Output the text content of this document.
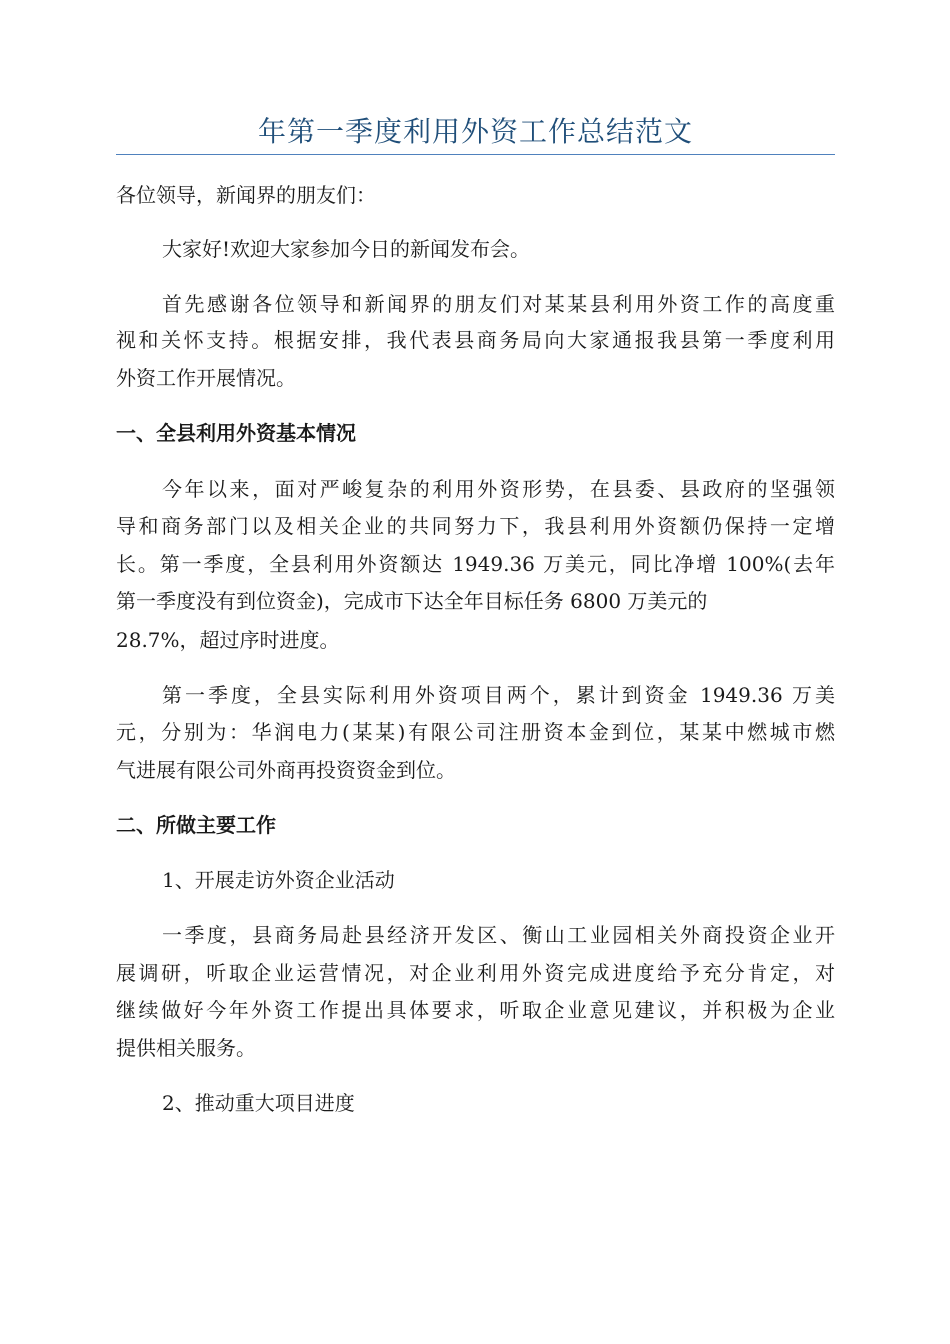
年第一季度利用外资工作总结范文
各位领导，新闻界的朋友们：
大家好!欢迎大家参加今日的新闻发布会。
首先感谢各位领导和新闻界的朋友们对某某县利用外资工作的高度重
视和关怀支持。根据安排，我代表县商务局向大家通报我县第一季度利用
外资工作开展情况。
一、全县利用外资基本情况
今年以来，面对严峻复杂的利用外资形势，在县委、县政府的坚强领
导和商务部门以及相关企业的共同努力下，我县利用外资额仍保持一定增
长。第一季度，全县利用外资额达 1949.36 万美元，同比净增 100%(去年
第一季度没有到位资金)，完成市下达全年目标任务 6800 万美元的
28.7%，超过序时进度。
第一季度，全县实际利用外资项目两个，累计到资金 1949.36 万美
元，分别为：华润电力(某某)有限公司注册资本金到位，某某中燃城市燃
气进展有限公司外商再投资资金到位。
二、所做主要工作
1、开展走访外资企业活动
一季度，县商务局赴县经济开发区、衡山工业园相关外商投资企业开
展调研，听取企业运营情况，对企业利用外资完成进度给予充分肯定，对
继续做好今年外资工作提出具体要求，听取企业意见建议，并积极为企业
提供相关服务。
2、推动重大项目进度
